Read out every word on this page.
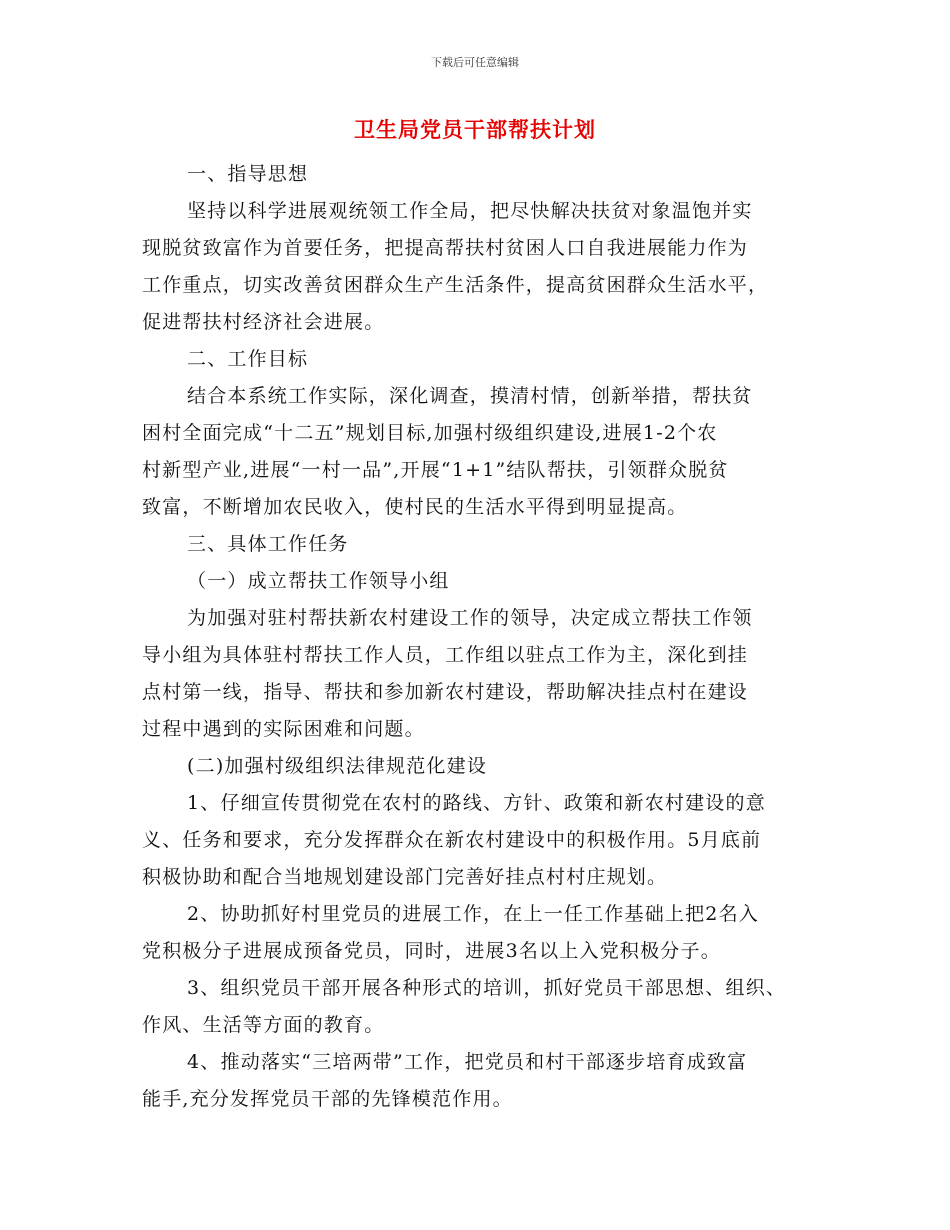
下载后可任意编辑
卫生局党员干部帮扶计划
一、指导思想
坚持以科学进展观统领工作全局，把尽快解决扶贫对象温饱并实
现脱贫致富作为首要任务，把提高帮扶村贫困人口自我进展能力作为
工作重点，切实改善贫困群众生产生活条件，提高贫困群众生活水平，
促进帮扶村经济社会进展。
二、工作目标
结合本系统工作实际，深化调查，摸清村情，创新举措，帮扶贫
困村全面完成“十二五”规划目标,加强村级组织建设,进展1-2个农
村新型产业,进展“一村一品”,开展“1+1”结队帮扶，引领群众脱贫
致富，不断增加农民收入，使村民的生活水平得到明显提高。
三、具体工作任务
（一）成立帮扶工作领导小组
为加强对驻村帮扶新农村建设工作的领导，决定成立帮扶工作领
导小组为具体驻村帮扶工作人员，工作组以驻点工作为主，深化到挂
点村第一线，指导、帮扶和参加新农村建设，帮助解决挂点村在建设
过程中遇到的实际困难和问题。
(二)加强村级组织法律规范化建设
1、仔细宣传贯彻党在农村的路线、方针、政策和新农村建设的意
义、任务和要求，充分发挥群众在新农村建设中的积极作用。5月底前
积极协助和配合当地规划建设部门完善好挂点村村庄规划。
2、协助抓好村里党员的进展工作，在上一任工作基础上把2名入
党积极分子进展成预备党员，同时，进展3名以上入党积极分子。
3、组织党员干部开展各种形式的培训，抓好党员干部思想、组织、
作风、生活等方面的教育。
4、推动落实“三培两带”工作，把党员和村干部逐步培育成致富
能手,充分发挥党员干部的先锋模范作用。
